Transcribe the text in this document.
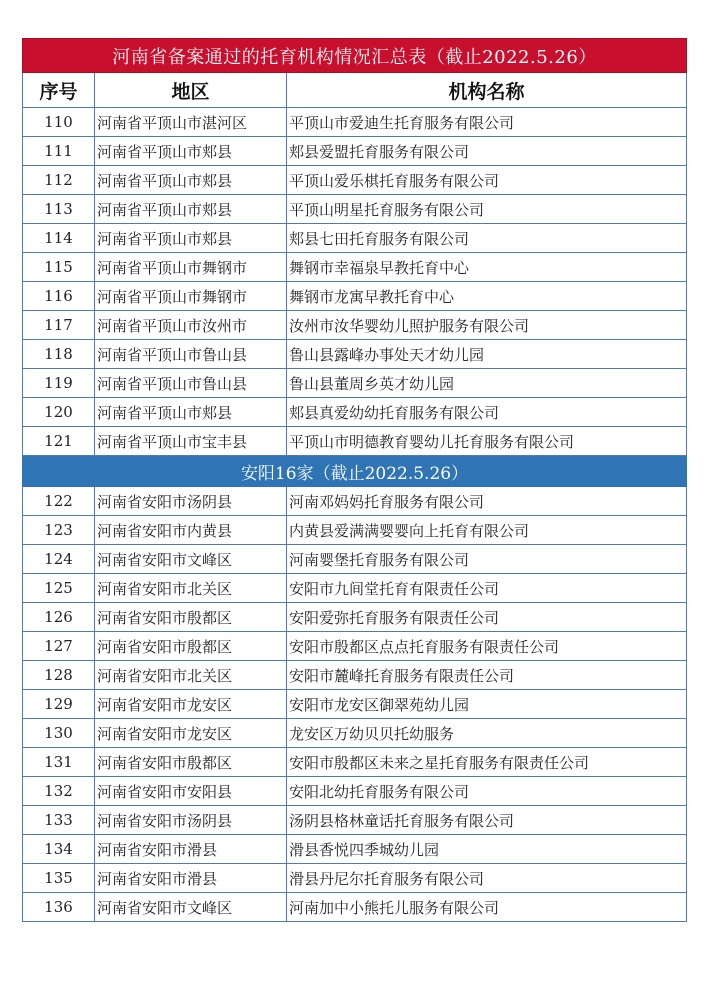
河南省备案通过的托育机构情况汇总表（截止2022.5.26）		
序号	地区	机构名称
110	河南省平顶山市湛河区	平顶山市爱迪生托育服务有限公司
111	河南省平顶山市郏县	郏县爱盟托育服务有限公司
112	河南省平顶山市郏县	平顶山爱乐棋托育服务有限公司
113	河南省平顶山市郏县	平顶山明星托育服务有限公司
114	河南省平顶山市郏县	郏县七田托育服务有限公司
115	河南省平顶山市舞钢市	舞钢市幸福泉早教托育中心
116	河南省平顶山市舞钢市	舞钢市龙寓早教托育中心
117	河南省平顶山市汝州市	汝州市汝华婴幼儿照护服务有限公司
118	河南省平顶山市鲁山县	鲁山县露峰办事处天才幼儿园
119	河南省平顶山市鲁山县	鲁山县董周乡英才幼儿园
120	河南省平顶山市郏县	郏县真爱幼幼托育服务有限公司
121	河南省平顶山市宝丰县	平顶山市明德教育婴幼儿托育服务有限公司
安阳16家（截止2022.5.26）		
122	河南省安阳市汤阴县	河南邓妈妈托育服务有限公司
123	河南省安阳市内黄县	内黄县爱满满婴婴向上托育有限公司
124	河南省安阳市文峰区	河南婴堡托育服务有限公司
125	河南省安阳市北关区	安阳市九间堂托育有限责任公司
126	河南省安阳市殷都区	安阳爱弥托育服务有限责任公司
127	河南省安阳市殷都区	安阳市殷都区点点托育服务有限责任公司
128	河南省安阳市北关区	安阳市麓峰托育服务有限责任公司
129	河南省安阳市龙安区	安阳市龙安区御翠苑幼儿园
130	河南省安阳市龙安区	龙安区万幼贝贝托幼服务
131	河南省安阳市殷都区	安阳市殷都区未来之星托育服务有限责任公司
132	河南省安阳市安阳县	安阳北幼托育服务有限公司
133	河南省安阳市汤阴县	汤阴县格林童话托育服务有限公司
134	河南省安阳市滑县	滑县香悦四季城幼儿园
135	河南省安阳市滑县	滑县丹尼尔托育服务有限公司
136	河南省安阳市文峰区	河南加中小熊托儿服务有限公司
